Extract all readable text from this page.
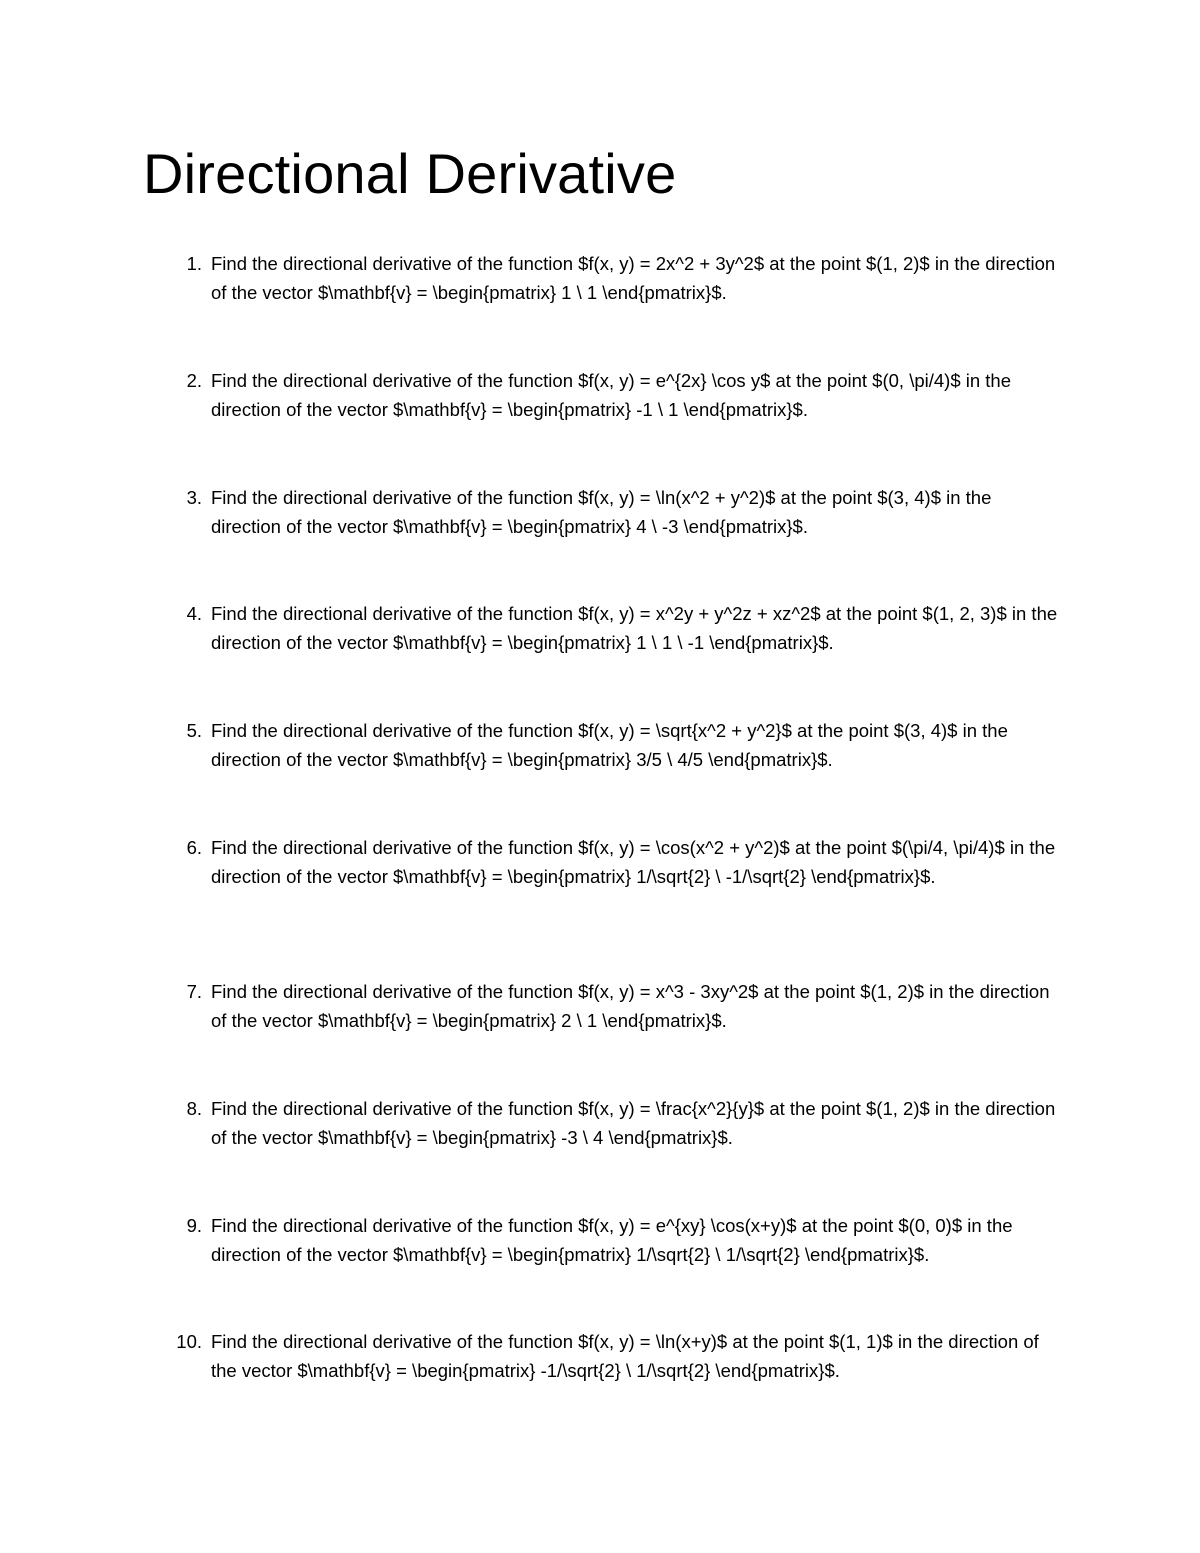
Directional Derivative
1. Find the directional derivative of the function $f(x, y) = 2x^2 + 3y^2$ at the point $(1, 2)$ in the direction of the vector $\mathbf{v} = \begin{pmatrix} 1 \ 1 \end{pmatrix}$.
2. Find the directional derivative of the function $f(x, y) = e^{2x} \cos y$ at the point $(0, \pi/4)$ in the direction of the vector $\mathbf{v} = \begin{pmatrix} -1 \ 1 \end{pmatrix}$.
3. Find the directional derivative of the function $f(x, y) = \ln(x^2 + y^2)$ at the point $(3, 4)$ in the direction of the vector $\mathbf{v} = \begin{pmatrix} 4 \ -3 \end{pmatrix}$.
4. Find the directional derivative of the function $f(x, y) = x^2y + y^2z + xz^2$ at the point $(1, 2, 3)$ in the direction of the vector $\mathbf{v} = \begin{pmatrix} 1 \ 1 \ -1 \end{pmatrix}$.
5. Find the directional derivative of the function $f(x, y) = \sqrt{x^2 + y^2}$ at the point $(3, 4)$ in the direction of the vector $\mathbf{v} = \begin{pmatrix} 3/5 \ 4/5 \end{pmatrix}$.
6. Find the directional derivative of the function $f(x, y) = \cos(x^2 + y^2)$ at the point $(\pi/4, \pi/4)$ in the direction of the vector $\mathbf{v} = \begin{pmatrix} 1/\sqrt{2} \ -1/\sqrt{2} \end{pmatrix}$.
7. Find the directional derivative of the function $f(x, y) = x^3 - 3xy^2$ at the point $(1, 2)$ in the direction of the vector $\mathbf{v} = \begin{pmatrix} 2 \ 1 \end{pmatrix}$.
8. Find the directional derivative of the function $f(x, y) = \frac{x^2}{y}$ at the point $(1, 2)$ in the direction of the vector $\mathbf{v} = \begin{pmatrix} -3 \ 4 \end{pmatrix}$.
9. Find the directional derivative of the function $f(x, y) = e^{xy} \cos(x+y)$ at the point $(0, 0)$ in the direction of the vector $\mathbf{v} = \begin{pmatrix} 1/\sqrt{2} \ 1/\sqrt{2} \end{pmatrix}$.
10. Find the directional derivative of the function $f(x, y) = \ln(x+y)$ at the point $(1, 1)$ in the direction of the vector $\mathbf{v} = \begin{pmatrix} -1/\sqrt{2} \ 1/\sqrt{2} \end{pmatrix}$.
